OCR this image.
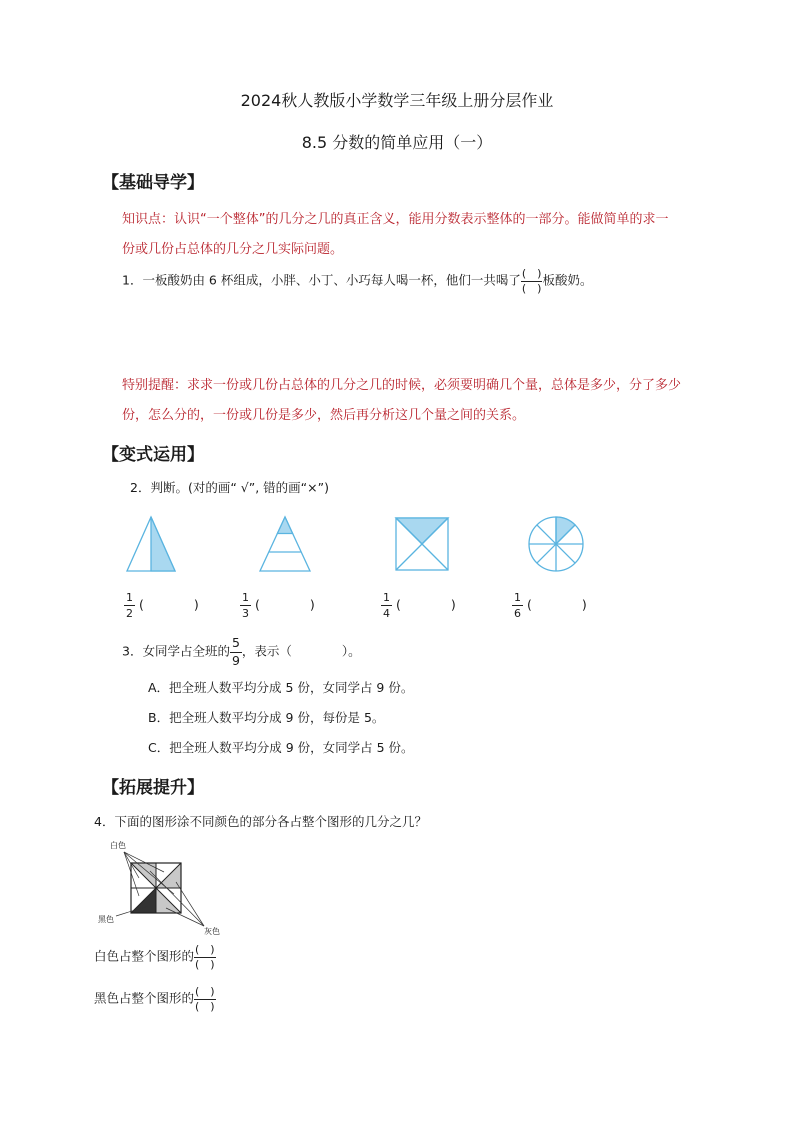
2024秋人教版小学数学三年级上册分层作业
8.5 分数的简单应用（一）
【基础导学】
知识点：认识“一个整体”的几分之几的真正含义，能用分数表示整体的一部分。能做简单的求一
份或几份占总体的几分之几实际问题。
1．一板酸奶由 6 杯组成，小胖、小丁、小巧每人喝一杯，他们一共喝了 $\frac{( )}{( )}$ 板酸奶。
特别提醒：求求一份或几份占总体的几分之几的时候，必须要明确几个量，总体是多少，分了多少
份，怎么分的，一份或几份是多少，然后再分析这几个量之间的关系。
【变式运用】
2．判断。(对的画“ √”, 错的画“×”)
$\frac{1}{2}$ (　　　　)	$\frac{1}{3}$ (　　　　)	$\frac{1}{4}$ (　　　　)	$\frac{1}{6}$ (　　　　)
3．女同学占全班的 $\frac{5}{9}$ ，表示（　　　　）。
A．把全班人数平均分成 5 份，女同学占 9 份。
B．把全班人数平均分成 9 份，每份是 5。
C．把全班人数平均分成 9 份，女同学占 5 份。
【拓展提升】
4．下面的图形涂不同颜色的部分各占整个图形的几分之几？
白色
黑色
灰色
白色占整个图形的 $\frac{( )}{( )}$
黑色占整个图形的 $\frac{( )}{( )}$
